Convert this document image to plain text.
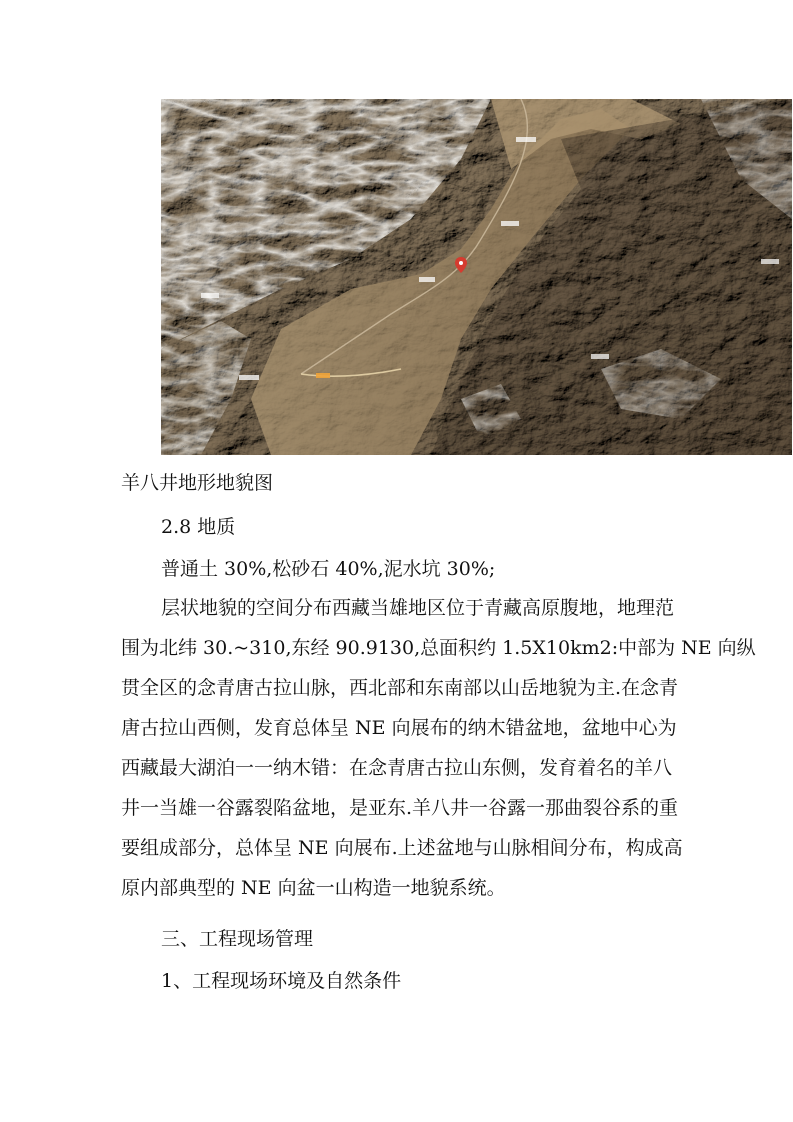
羊八井地形地貌图

2.8 地质

普通土 30%,松砂石 40%,泥水坑 30%;

层状地貌的空间分布西藏当雄地区位于青藏高原腹地，地理范
围为北纬 30.~310,东经 90.9130,总面积约 1.5X10km2:中部为 NE 向纵
贯全区的念青唐古拉山脉，西北部和东南部以山岳地貌为主.在念青
唐古拉山西侧，发育总体呈 NE 向展布的纳木错盆地，盆地中心为
西藏最大湖泊一一纳木错：在念青唐古拉山东侧，发育着名的羊八
井一当雄一谷露裂陷盆地，是亚东.羊八井一谷露一那曲裂谷系的重
要组成部分，总体呈 NE 向展布.上述盆地与山脉相间分布，构成高
原内部典型的 NE 向盆一山构造一地貌系统。

三、工程现场管理

1、工程现场环境及自然条件
